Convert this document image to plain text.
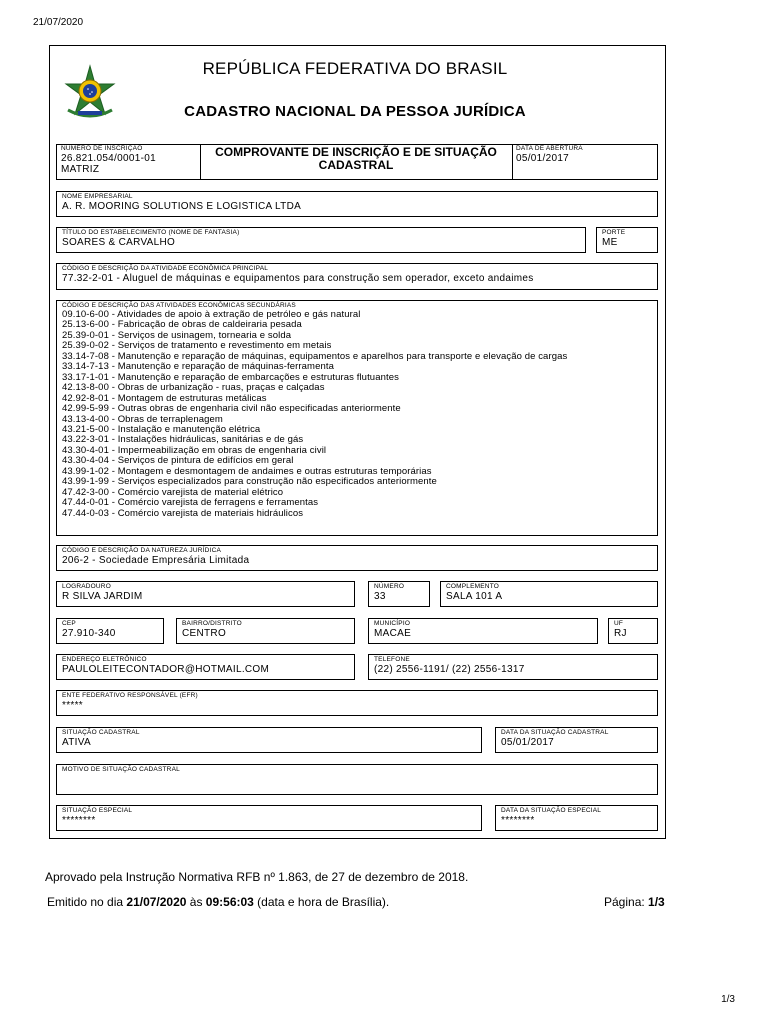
21/07/2020
REPÚBLICA FEDERATIVA DO BRASIL
CADASTRO NACIONAL DA PESSOA JURÍDICA
NÚMERO DE INSCRIÇÃO
26.821.054/0001-01
MATRIZ
COMPROVANTE DE INSCRIÇÃO E DE SITUAÇÃO
CADASTRAL
DATA DE ABERTURA
05/01/2017
NOME EMPRESARIAL
A. R. MOORING SOLUTIONS E LOGISTICA LTDA
TÍTULO DO ESTABELECIMENTO (NOME DE FANTASIA)
SOARES & CARVALHO
PORTE
ME
CÓDIGO E DESCRIÇÃO DA ATIVIDADE ECONÔMICA PRINCIPAL
77.32-2-01 - Aluguel de máquinas e equipamentos para construção sem operador, exceto andaimes
CÓDIGO E DESCRIÇÃO DAS ATIVIDADES ECONÔMICAS SECUNDÁRIAS
09.10-6-00 - Atividades de apoio à extração de petróleo e gás natural
25.13-6-00 - Fabricação de obras de caldeiraria pesada
25.39-0-01 - Serviços de usinagem, tornearia e solda
25.39-0-02 - Serviços de tratamento e revestimento em metais
33.14-7-08 - Manutenção e reparação de máquinas, equipamentos e aparelhos para transporte e elevação de cargas
33.14-7-13 - Manutenção e reparação de máquinas-ferramenta
33.17-1-01 - Manutenção e reparação de embarcações e estruturas flutuantes
42.13-8-00 - Obras de urbanização - ruas, praças e calçadas
42.92-8-01 - Montagem de estruturas metálicas
42.99-5-99 - Outras obras de engenharia civil não especificadas anteriormente
43.13-4-00 - Obras de terraplenagem
43.21-5-00 - Instalação e manutenção elétrica
43.22-3-01 - Instalações hidráulicas, sanitárias e de gás
43.30-4-01 - Impermeabilização em obras de engenharia civil
43.30-4-04 - Serviços de pintura de edifícios em geral
43.99-1-02 - Montagem e desmontagem de andaimes e outras estruturas temporárias
43.99-1-99 - Serviços especializados para construção não especificados anteriormente
47.42-3-00 - Comércio varejista de material elétrico
47.44-0-01 - Comércio varejista de ferragens e ferramentas
47.44-0-03 - Comércio varejista de materiais hidráulicos
CÓDIGO E DESCRIÇÃO DA NATUREZA JURÍDICA
206-2 - Sociedade Empresária Limitada
LOGRADOURO
R SILVA JARDIM
NÚMERO
33
COMPLEMENTO
SALA 101 A
CEP
27.910-340
BAIRRO/DISTRITO
CENTRO
MUNICÍPIO
MACAE
UF
RJ
ENDEREÇO ELETRÔNICO
PAULOLEITECONTADOR@HOTMAIL.COM
TELEFONE
(22) 2556-1191/ (22) 2556-1317
ENTE FEDERATIVO RESPONSÁVEL (EFR)
*****
SITUAÇÃO CADASTRAL
ATIVA
DATA DA SITUAÇÃO CADASTRAL
05/01/2017
MOTIVO DE SITUAÇÃO CADASTRAL
SITUAÇÃO ESPECIAL
********
DATA DA SITUAÇÃO ESPECIAL
********
Aprovado pela Instrução Normativa RFB nº 1.863, de 27 de dezembro de 2018.
Emitido no dia 21/07/2020 às 09:56:03 (data e hora de Brasília).	Página: 1/3
1/3
